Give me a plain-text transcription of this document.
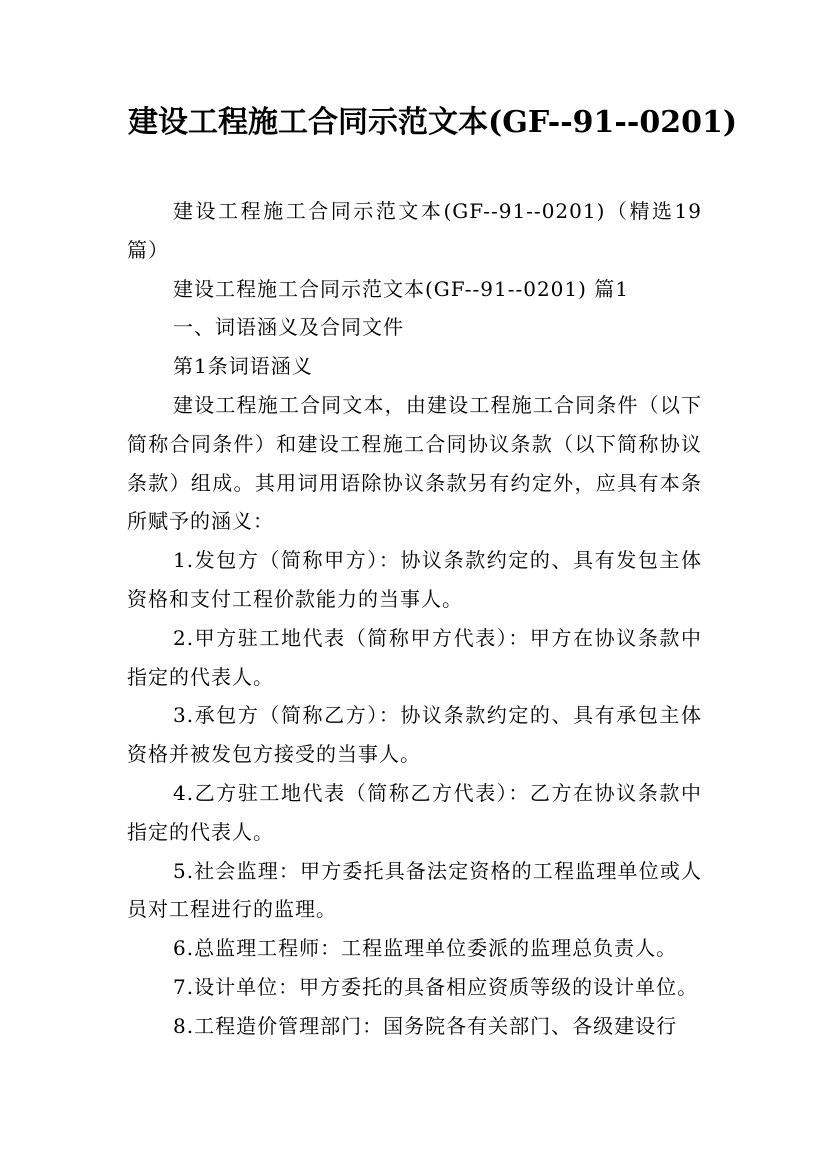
建设工程施工合同示范文本(GF--91--0201)

建设工程施工合同示范文本(GF--91--0201)（精选19篇）

建设工程施工合同示范文本(GF--91--0201) 篇1

一、词语涵义及合同文件

第1条词语涵义

建设工程施工合同文本，由建设工程施工合同条件（以下简称合同条件）和建设工程施工合同协议条款（以下简称协议条款）组成。其用词用语除协议条款另有约定外，应具有本条所赋予的涵义：

1.发包方（简称甲方）：协议条款约定的、具有发包主体资格和支付工程价款能力的当事人。

2.甲方驻工地代表（简称甲方代表）：甲方在协议条款中指定的代表人。

3.承包方（简称乙方）：协议条款约定的、具有承包主体资格并被发包方接受的当事人。

4.乙方驻工地代表（简称乙方代表）：乙方在协议条款中指定的代表人。

5.社会监理：甲方委托具备法定资格的工程监理单位或人员对工程进行的监理。

6.总监理工程师：工程监理单位委派的监理总负责人。

7.设计单位：甲方委托的具备相应资质等级的设计单位。

8.工程造价管理部门：国务院各有关部门、各级建设行
